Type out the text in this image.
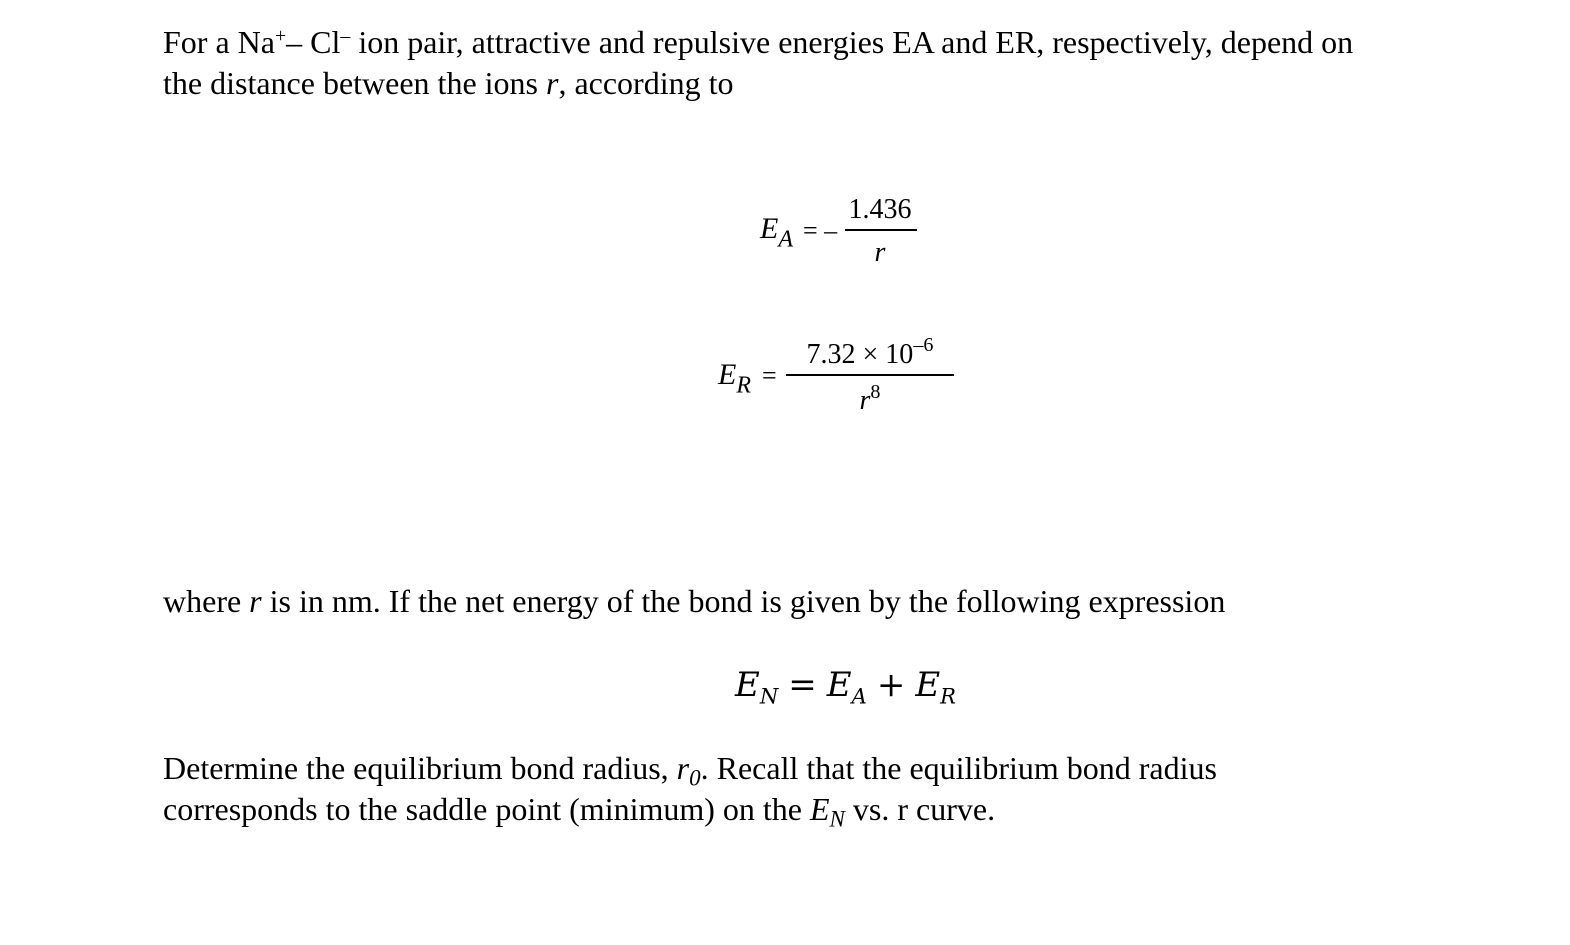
For a Na+– Cl– ion pair, attractive and repulsive energies EA and ER, respectively, depend on
the distance between the ions r, according to
$E_A$ = –
1.436
r
$E_R$ =
$7.32 \times 10^{-6}$
$r^8$
where r is in nm. If the net energy of the bond is given by the following expression
$E_N = E_A + E_R$
Determine the equilibrium bond radius, $r_0$. Recall that the equilibrium bond radius
corresponds to the saddle point (minimum) on the $E_N$ vs. r curve.
